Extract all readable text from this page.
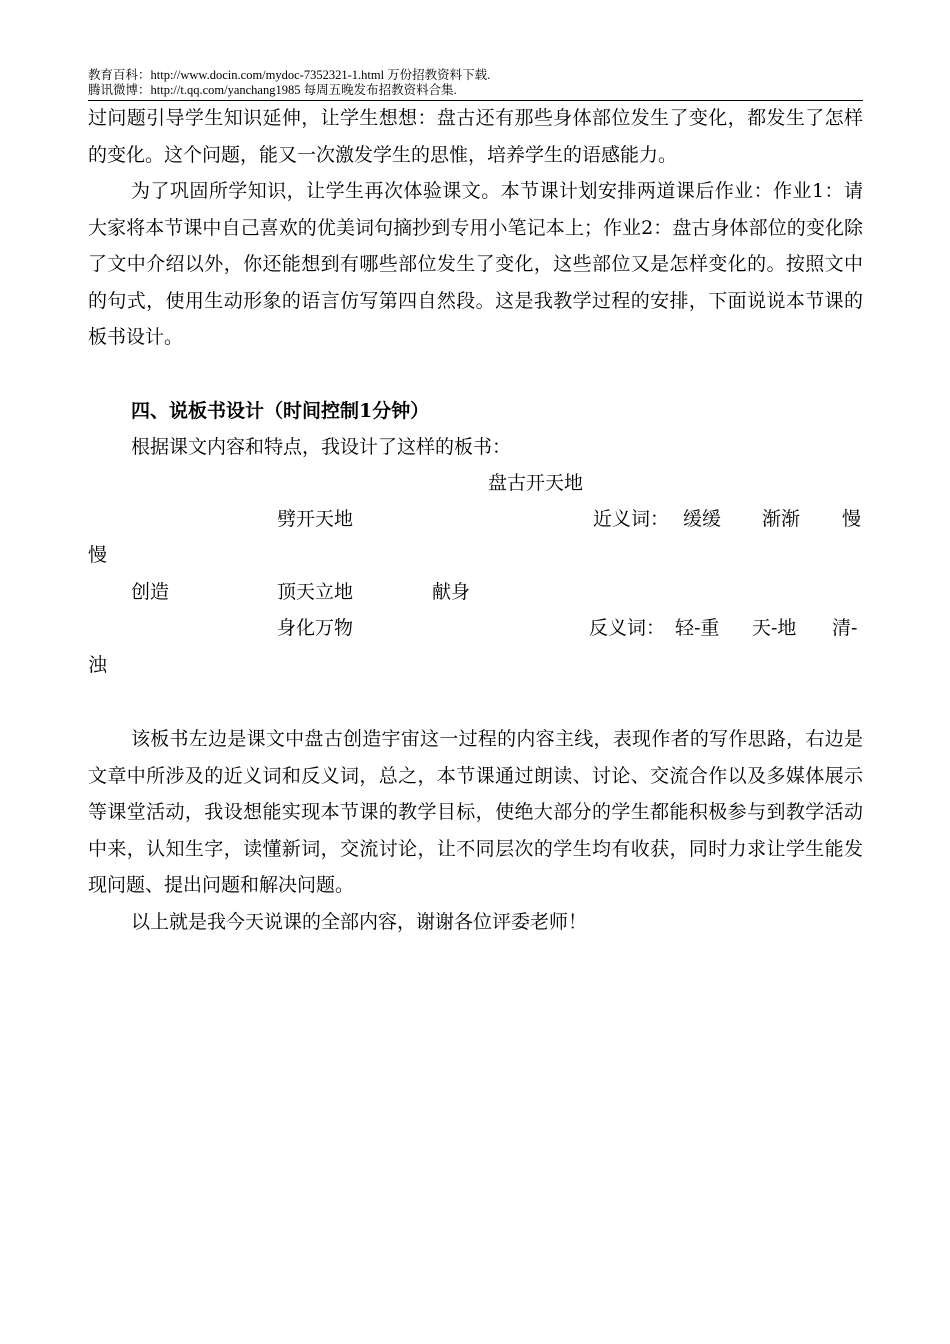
教育百科：http://www.docin.com/mydoc-7352321-1.html 万份招教资料下载.
腾讯微博：http://t.qq.com/yanchang1985 每周五晚发布招教资料合集.

过问题引导学生知识延伸，让学生想想：盘古还有那些身体部位发生了变化，都发生了怎样的变化。这个问题，能又一次激发学生的思惟，培养学生的语感能力。

为了巩固所学知识，让学生再次体验课文。本节课计划安排两道课后作业：作业1：请大家将本节课中自己喜欢的优美词句摘抄到专用小笔记本上；作业2：盘古身体部位的变化除了文中介绍以外，你还能想到有哪些部位发生了变化，这些部位又是怎样变化的。按照文中的句式，使用生动形象的语言仿写第四自然段。这是我教学过程的安排，下面说说本节课的板书设计。

四、说板书设计（时间控制1分钟）
根据课文内容和特点，我设计了这样的板书：
盘古开天地
劈开天地	近义词： 缓缓 渐渐 慢
慢
创造	顶天立地	献身
身化万物	反义词： 轻-重 天-地 清-
浊

该板书左边是课文中盘古创造宇宙这一过程的内容主线，表现作者的写作思路，右边是文章中所涉及的近义词和反义词，总之，本节课通过朗读、讨论、交流合作以及多媒体展示等课堂活动，我设想能实现本节课的教学目标，使绝大部分的学生都能积极参与到教学活动中来，认知生字，读懂新词，交流讨论，让不同层次的学生均有收获，同时力求让学生能发现问题、提出问题和解决问题。

以上就是我今天说课的全部内容，谢谢各位评委老师！
